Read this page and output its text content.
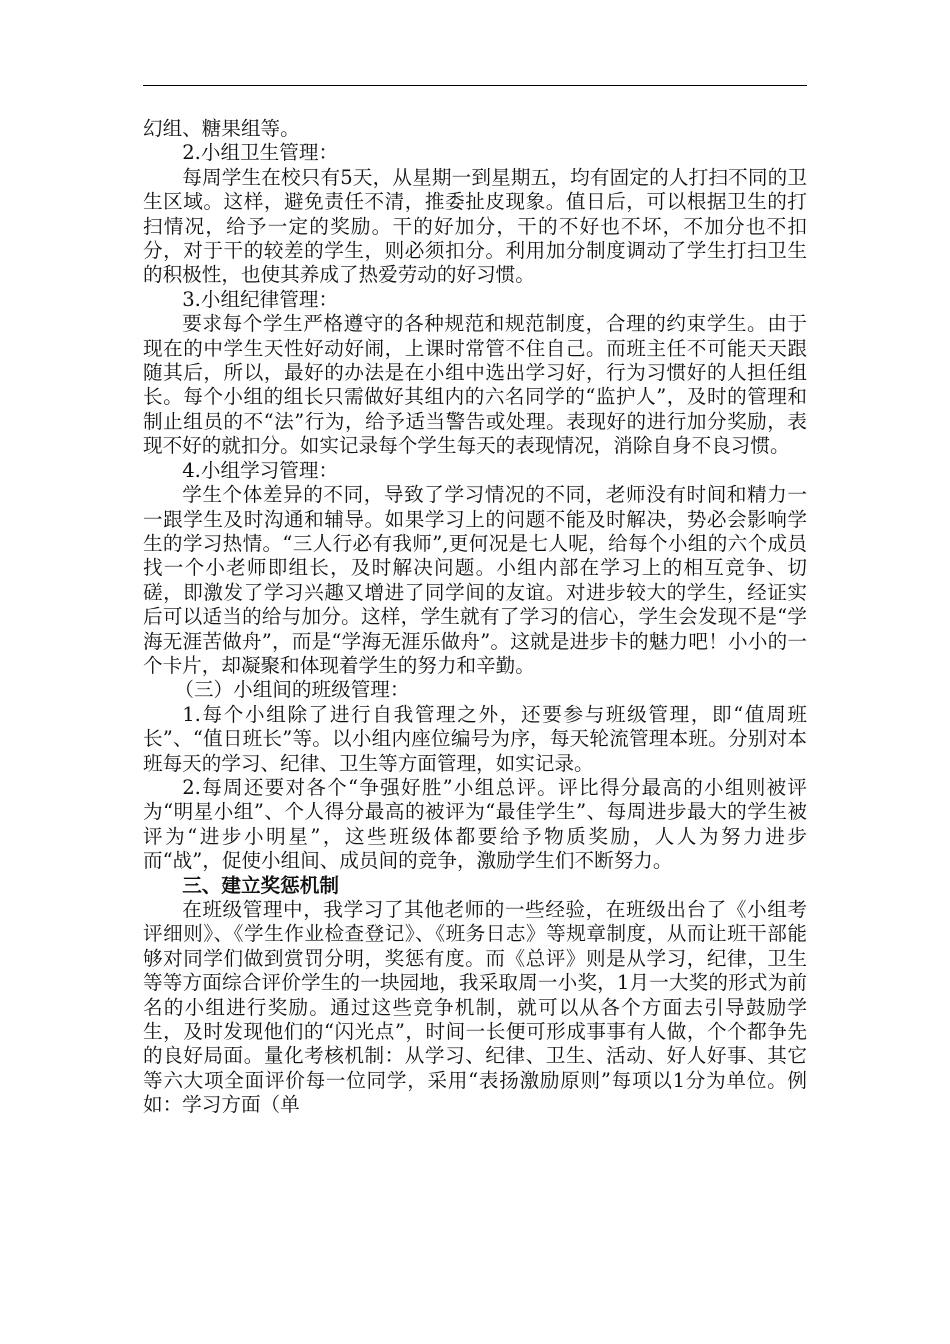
幻组、糖果组等。

2.小组卫生管理：

每周学生在校只有5天，从星期一到星期五，均有固定的人打扫不同的卫生区域。这样，避免责任不清，推委扯皮现象。值日后，可以根据卫生的打扫情况，给予一定的奖励。干的好加分，干的不好也不坏，不加分也不扣分，对于干的较差的学生，则必须扣分。利用加分制度调动了学生打扫卫生的积极性，也使其养成了热爱劳动的好习惯。

3.小组纪律管理：

要求每个学生严格遵守的各种规范和规范制度，合理的约束学生。由于现在的中学生天性好动好闹，上课时常管不住自己。而班主任不可能天天跟随其后，所以，最好的办法是在小组中选出学习好，行为习惯好的人担任组长。每个小组的组长只需做好其组内的六名同学的“监护人”，及时的管理和制止组员的不“法”行为，给予适当警告或处理。表现好的进行加分奖励，表现不好的就扣分。如实记录每个学生每天的表现情况，消除自身不良习惯。

4.小组学习管理：

学生个体差异的不同，导致了学习情况的不同，老师没有时间和精力一一跟学生及时沟通和辅导。如果学习上的问题不能及时解决，势必会影响学生的学习热情。“三人行必有我师”,更何况是七人呢，给每个小组的六个成员找一个小老师即组长，及时解决问题。小组内部在学习上的相互竞争、切磋，即激发了学习兴趣又增进了同学间的友谊。对进步较大的学生，经证实后可以适当的给与加分。这样，学生就有了学习的信心，学生会发现不是“学海无涯苦做舟”，而是“学海无涯乐做舟”。这就是进步卡的魅力吧！小小的一个卡片，却凝聚和体现着学生的努力和辛勤。

（三）小组间的班级管理：

1.每个小组除了进行自我管理之外，还要参与班级管理，即“值周班长”、“值日班长”等。以小组内座位编号为序，每天轮流管理本班。分别对本班每天的学习、纪律、卫生等方面管理，如实记录。

2.每周还要对各个“争强好胜”小组总评。评比得分最高的小组则被评为“明星小组”、个人得分最高的被评为“最佳学生”、每周进步最大的学生被评为“进步小明星”，这些班级体都要给予物质奖励，人人为努力进步而“战”，促使小组间、成员间的竞争，激励学生们不断努力。

三、建立奖惩机制

在班级管理中，我学习了其他老师的一些经验，在班级出台了《小组考评细则》、《学生作业检查登记》、《班务日志》等规章制度，从而让班干部能够对同学们做到赏罚分明，奖惩有度。而《总评》则是从学习，纪律，卫生等等方面综合评价学生的一块园地，我采取周一小奖，1月一大奖的形式为前名的小组进行奖励。通过这些竞争机制，就可以从各个方面去引导鼓励学生，及时发现他们的“闪光点”，时间一长便可形成事事有人做，个个都争先的良好局面。量化考核机制：从学习、纪律、卫生、活动、好人好事、其它等六大项全面评价每一位同学，采用“表扬激励原则”每项以1分为单位。例如：学习方面（单
